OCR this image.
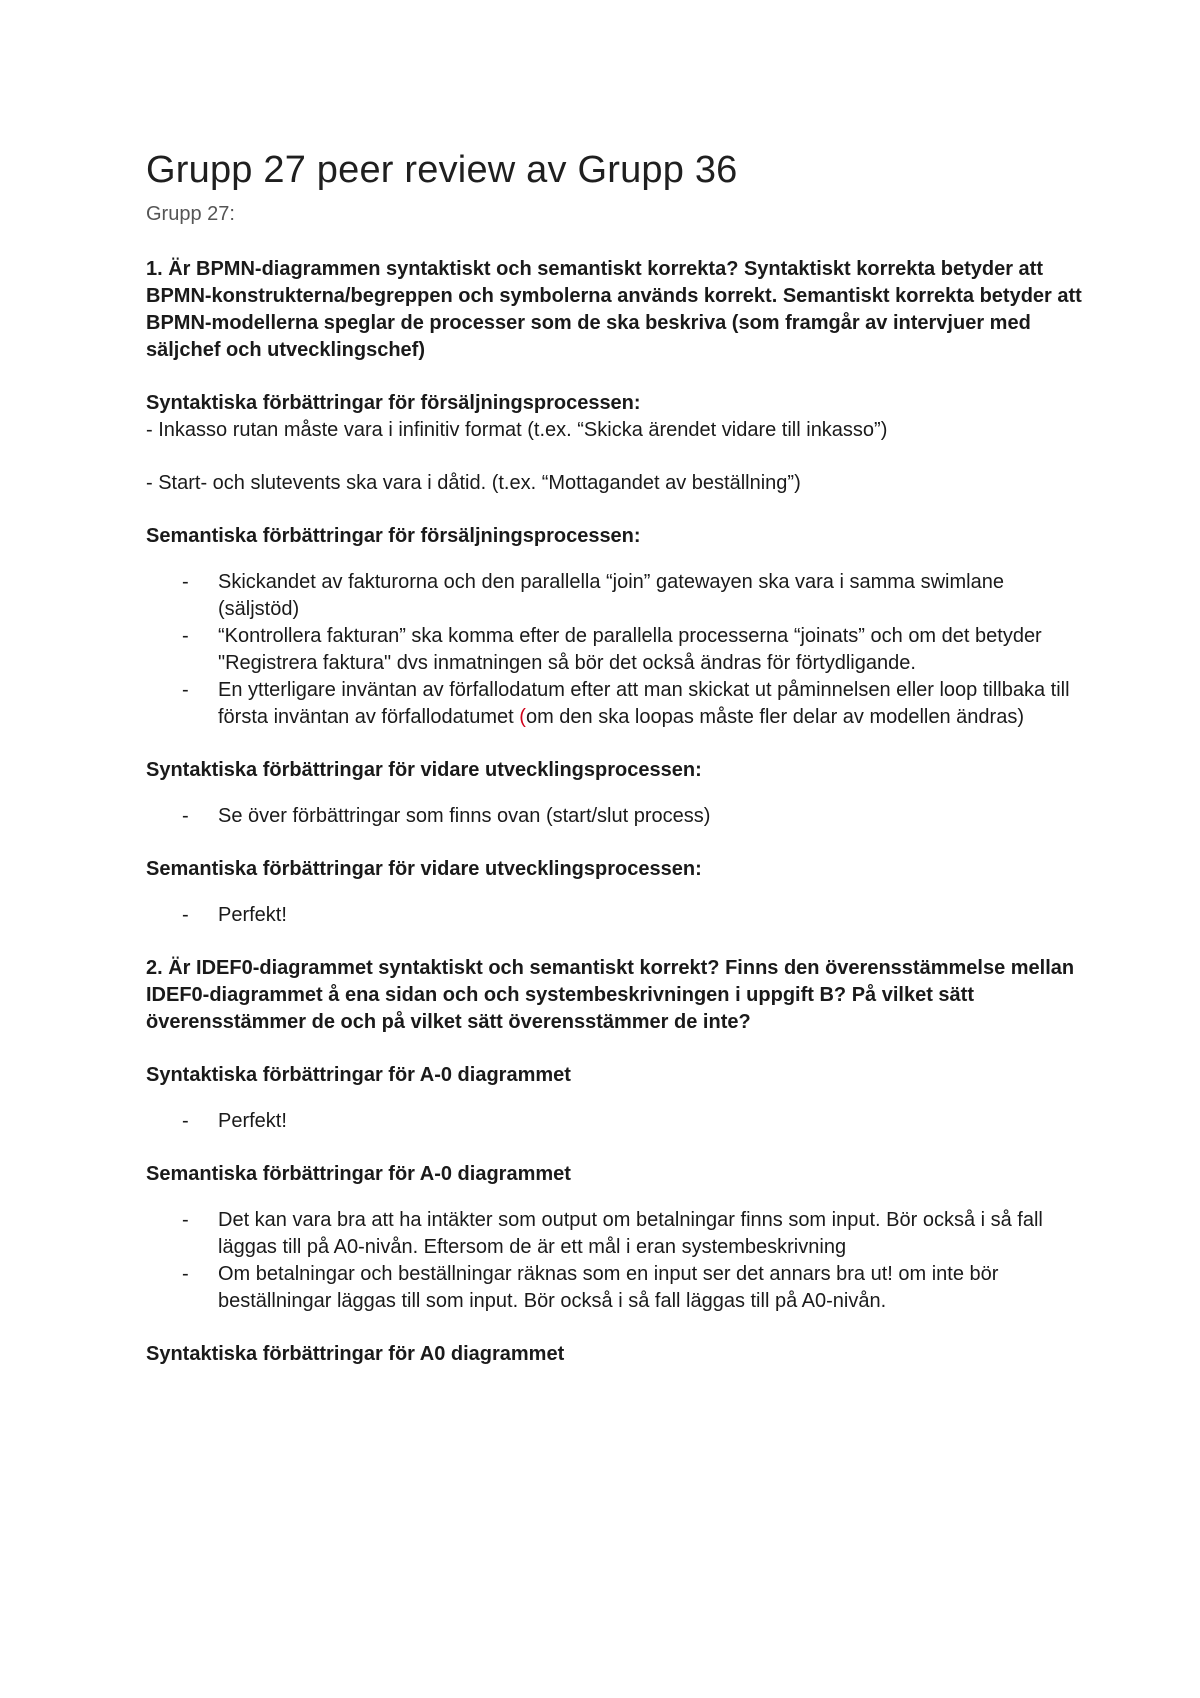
Grupp 27 peer review av Grupp 36

Grupp 27:

1. Är BPMN-diagrammen syntaktiskt och semantiskt korrekta? Syntaktiskt korrekta betyder att BPMN-konstrukterna/begreppen och symbolerna används korrekt. Semantiskt korrekta betyder att BPMN-modellerna speglar de processer som de ska beskriva (som framgår av intervjuer med säljchef och utvecklingschef)

Syntaktiska förbättringar för försäljningsprocessen:

- Inkasso rutan måste vara i infinitiv format (t.ex. “Skicka ärendet vidare till inkasso”)

- Start- och slutevents ska vara i dåtid. (t.ex. “Mottagandet av beställning”)

Semantiska förbättringar för försäljningsprocessen:

- Skickandet av fakturorna och den parallella “join” gatewayen ska vara i samma swimlane (säljstöd)
- “Kontrollera fakturan” ska komma efter de parallella processerna “joinats” och om det betyder "Registrera faktura" dvs inmatningen så bör det också ändras för förtydligande.
- En ytterligare inväntan av förfallodatum efter att man skickat ut påminnelsen eller loop tillbaka till första inväntan av förfallodatumet (om den ska loopas måste fler delar av modellen ändras)

Syntaktiska förbättringar för vidare utvecklingsprocessen:

- Se över förbättringar som finns ovan (start/slut process)

Semantiska förbättringar för vidare utvecklingsprocessen:

- Perfekt!

2. Är IDEF0-diagrammet syntaktiskt och semantiskt korrekt? Finns den överensstämmelse mellan IDEF0-diagrammet å ena sidan och och systembeskrivningen i uppgift B? På vilket sätt överensstämmer de och på vilket sätt överensstämmer de inte?

Syntaktiska förbättringar för A-0 diagrammet

- Perfekt!

Semantiska förbättringar för A-0 diagrammet

- Det kan vara bra att ha intäkter som output om betalningar finns som input. Bör också i så fall läggas till på A0-nivån. Eftersom de är ett mål i eran systembeskrivning
- Om betalningar och beställningar räknas som en input ser det annars bra ut! om inte bör beställningar läggas till som input. Bör också i så fall läggas till på A0-nivån.

Syntaktiska förbättringar för A0 diagrammet
